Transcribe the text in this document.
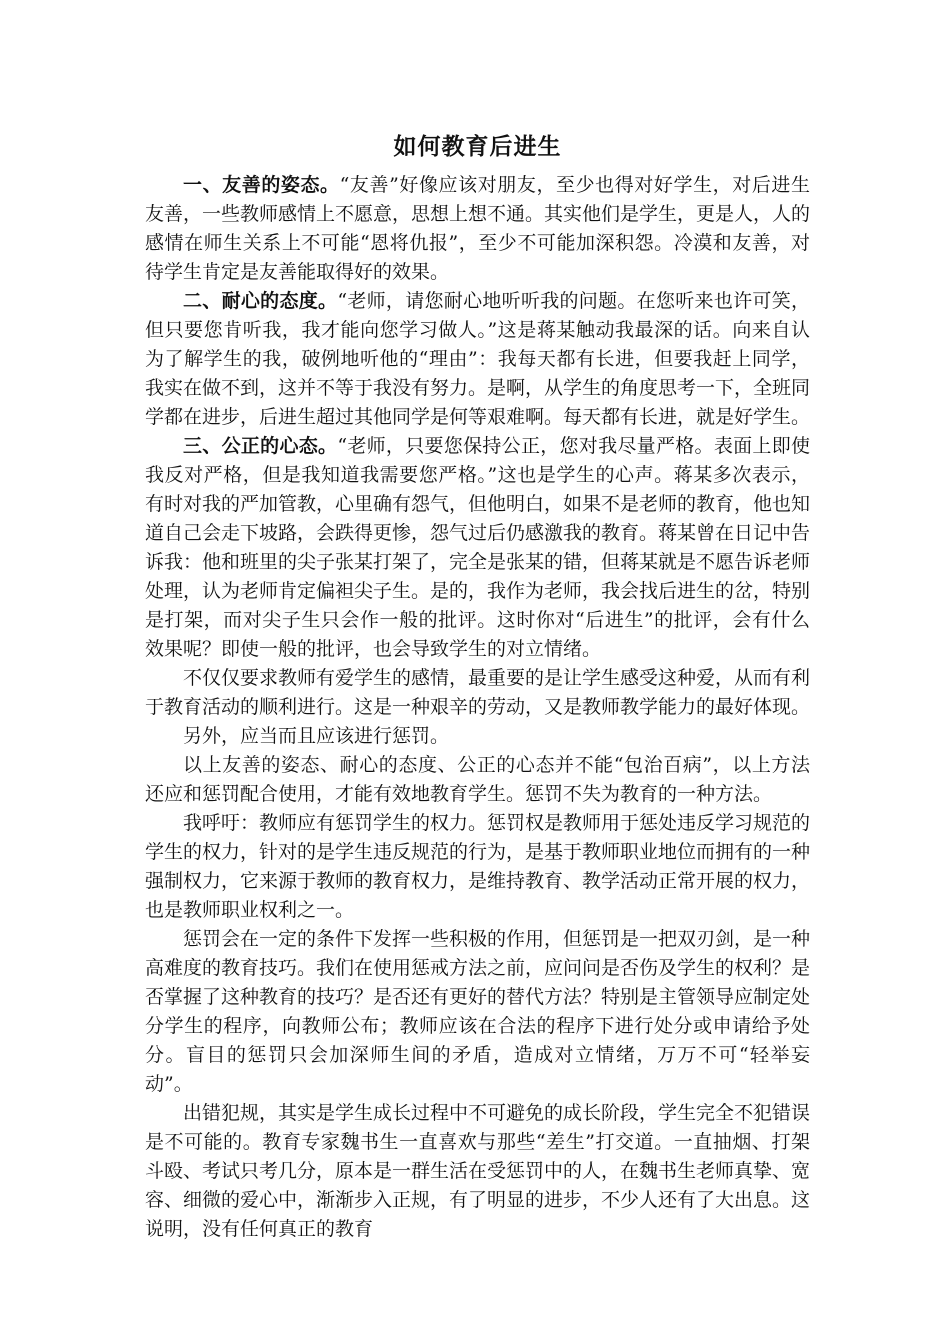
如何教育后进生

一、友善的姿态。“友善”好像应该对朋友，至少也得对好学生，对后进生友善，一些教师感情上不愿意，思想上想不通。其实他们是学生，更是人，人的感情在师生关系上不可能“恩将仇报”，至少不可能加深积怨。冷漠和友善，对待学生肯定是友善能取得好的效果。

二、耐心的态度。“老师，请您耐心地听听我的问题。在您听来也许可笑，但只要您肯听我，我才能向您学习做人。”这是蒋某触动我最深的话。向来自认为了解学生的我，破例地听他的“理由”：我每天都有长进，但要我赶上同学，我实在做不到，这并不等于我没有努力。是啊，从学生的角度思考一下，全班同学都在进步，后进生超过其他同学是何等艰难啊。每天都有长进，就是好学生。

三、公正的心态。“老师，只要您保持公正，您对我尽量严格。表面上即使我反对严格，但是我知道我需要您严格。”这也是学生的心声。蒋某多次表示，有时对我的严加管教，心里确有怨气，但他明白，如果不是老师的教育，他也知道自己会走下坡路，会跌得更惨，怨气过后仍感激我的教育。蒋某曾在日记中告诉我：他和班里的尖子张某打架了，完全是张某的错，但蒋某就是不愿告诉老师处理，认为老师肯定偏袒尖子生。是的，我作为老师，我会找后进生的岔，特别是打架，而对尖子生只会作一般的批评。这时你对“后进生”的批评，会有什么效果呢？即使一般的批评，也会导致学生的对立情绪。

不仅仅要求教师有爱学生的感情，最重要的是让学生感受这种爱，从而有利于教育活动的顺利进行。这是一种艰辛的劳动，又是教师教学能力的最好体现。

另外，应当而且应该进行惩罚。

以上友善的姿态、耐心的态度、公正的心态并不能“包治百病”，以上方法还应和惩罚配合使用，才能有效地教育学生。惩罚不失为教育的一种方法。

我呼吁：教师应有惩罚学生的权力。惩罚权是教师用于惩处违反学习规范的学生的权力，针对的是学生违反规范的行为，是基于教师职业地位而拥有的一种强制权力，它来源于教师的教育权力，是维持教育、教学活动正常开展的权力，也是教师职业权利之一。

惩罚会在一定的条件下发挥一些积极的作用，但惩罚是一把双刃剑，是一种高难度的教育技巧。我们在使用惩戒方法之前，应问问是否伤及学生的权利？是否掌握了这种教育的技巧？是否还有更好的替代方法？特别是主管领导应制定处分学生的程序，向教师公布；教师应该在合法的程序下进行处分或申请给予处分。盲目的惩罚只会加深师生间的矛盾，造成对立情绪，万万不可“轻举妄动”。

出错犯规，其实是学生成长过程中不可避免的成长阶段，学生完全不犯错误是不可能的。教育专家魏书生一直喜欢与那些“差生”打交道。一直抽烟、打架斗殴、考试只考几分，原本是一群生活在受惩罚中的人，在魏书生老师真挚、宽容、细微的爱心中，渐渐步入正规，有了明显的进步，不少人还有了大出息。这说明，没有任何真正的教育
